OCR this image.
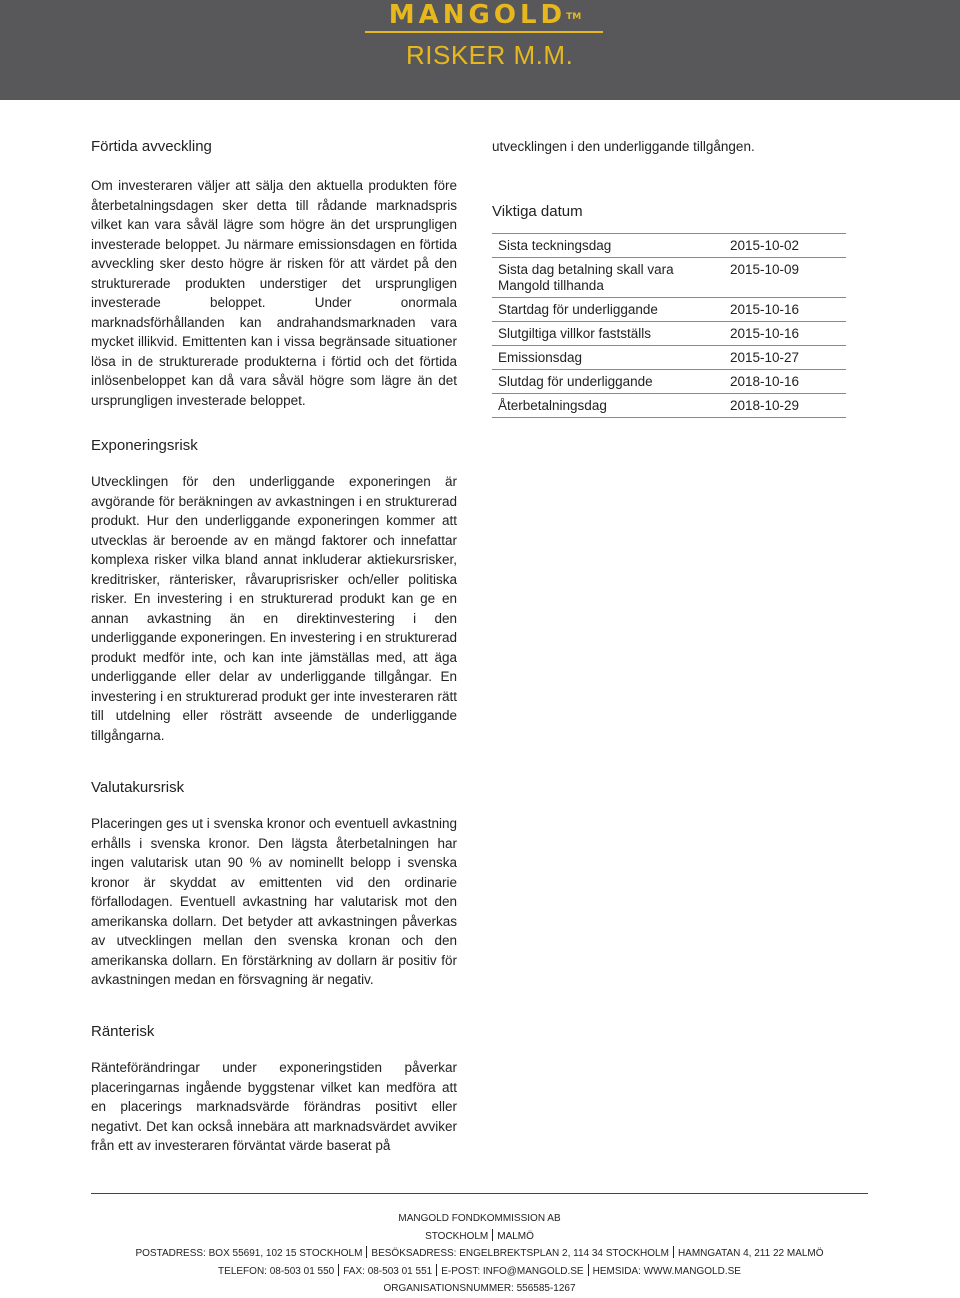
MANGOLD™
RISKER M.M.
Förtida avveckling

Om investeraren väljer att sälja den aktuella produkten före återbetalningsdagen sker detta till rådande marknadspris vilket kan vara såväl lägre som högre än det ursprungligen investerade beloppet. Ju närmare emissionsdagen en förtida avveckling sker desto högre är risken för att värdet på den strukturerade produkten understiger det ursprungligen investerade beloppet. Under onormala marknadsförhållanden kan andrahandsmarknaden vara mycket illikvid. Emittenten kan i vissa begränsade situationer lösa in de strukturerade produkterna i förtid och det förtida inlösenbeloppet kan då vara såväl högre som lägre än det ursprungligen investerade beloppet.

Exponeringsrisk

Utvecklingen för den underliggande exponeringen är avgörande för beräkningen av avkastningen i en strukturerad produkt. Hur den underliggande exponeringen kommer att utvecklas är beroende av en mängd faktorer och innefattar komplexa risker vilka bland annat inkluderar aktiekursrisker, kreditrisker, ränterisker, råvaruprisrisker och/eller politiska risker. En investering i en strukturerad produkt kan ge en annan avkastning än en direktinvestering i den underliggande exponeringen. En investering i en strukturerad produkt medför inte, och kan inte jämställas med, att äga underliggande eller delar av underliggande tillgångar. En investering i en strukturerad produkt ger inte investeraren rätt till utdelning eller rösträtt avseende de underliggande tillgångarna.

Valutakursrisk

Placeringen ges ut i svenska kronor och eventuell avkastning erhålls i svenska kronor. Den lägsta återbetalningen har ingen valutarisk utan 90 % av nominellt belopp i svenska kronor är skyddat av emittenten vid den ordinarie förfallodagen. Eventuell avkastning har valutarisk mot den amerikanska dollarn. Det betyder att avkastningen påverkas av utvecklingen mellan den svenska kronan och den amerikanska dollarn. En förstärkning av dollarn är positiv för avkastningen medan en försvagning är negativ.

Ränterisk

Ränteförändringar under exponeringstiden påverkar placeringarnas ingående byggstenar vilket kan medföra att en placerings marknadsvärde förändras positivt eller negativt. Det kan också innebära att marknadsvärdet avviker från ett av investeraren förväntat värde baserat på

utvecklingen i den underliggande tillgången.

Viktiga datum
Sista teckningsdag	2015-10-02
Sista dag betalning skall vara Mangold tillhanda	2015-10-09
Startdag för underliggande	2015-10-16
Slutgiltiga villkor fastställs	2015-10-16
Emissionsdag	2015-10-27
Slutdag för underliggande	2018-10-16
Återbetalningsdag	2018-10-29
MANGOLD FONDKOMMISSION AB
STOCKHOLM MALMÖ
POSTADRESS: BOX 55691, 102 15 STOCKHOLM BESÖKSADRESS: ENGELBREKTSPLAN 2, 114 34 STOCKHOLM HAMNGATAN 4, 211 22 MALMÖ
TELEFON: 08-503 01 550 FAX: 08-503 01 551 E-POST: INFO@MANGOLD.SE HEMSIDA: WWW.MANGOLD.SE
ORGANISATIONSNUMMER: 556585-1267
